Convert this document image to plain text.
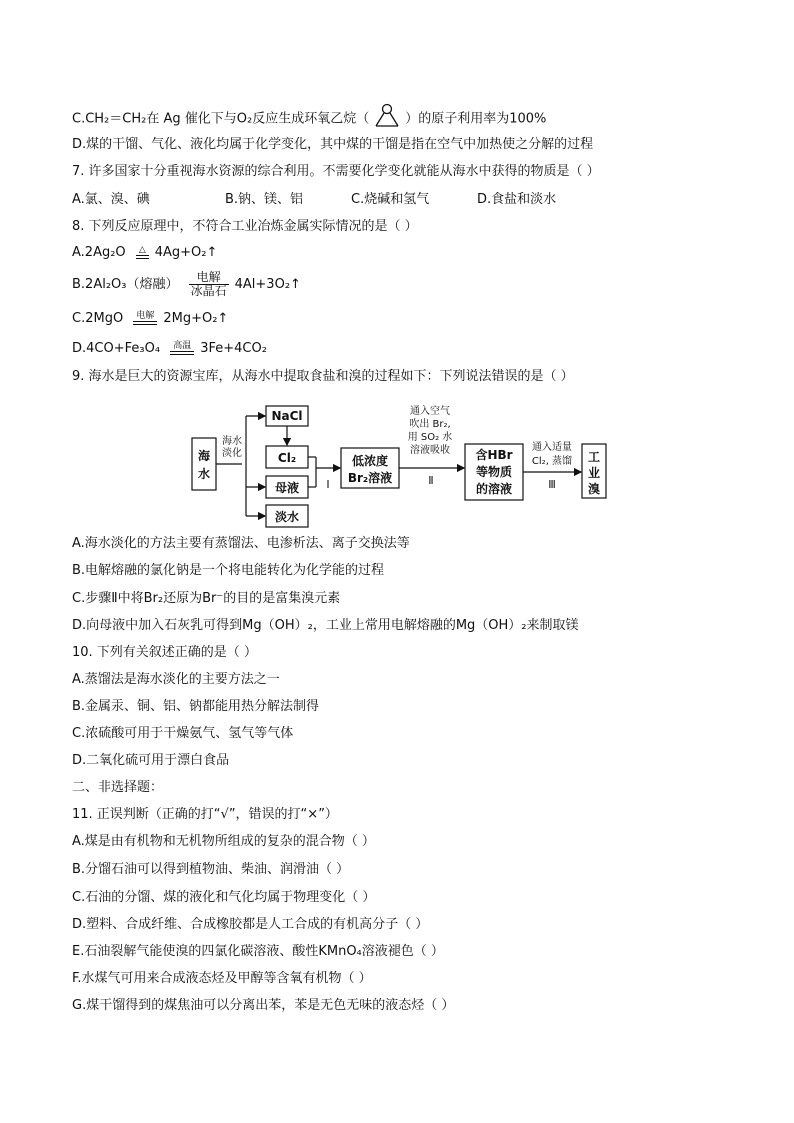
C.CH₂＝CH₂在 Ag 催化下与O₂反应生成环氧乙烷（	）的原子利用率为100%
D.煤的干馏、气化、液化均属于化学变化，其中煤的干馏是指在空气中加热使之分解的过程
7. 许多国家十分重视海水资源的综合利用。不需要化学变化就能从海水中获得的物质是（ ）
A.氯、溴、碘	B.钠、镁、铝	C.烧碱和氢气	D.食盐和淡水
8. 下列反应原理中，不符合工业冶炼金属实际情况的是（ ）
A.2Ag₂O	△ 4Ag+O₂↑
B.2Al₂O₃（熔融） $\frac{\text{电解}}{\text{冰晶石}}$ 4Al+3O₂↑
C.2MgO	电解 2Mg+O₂↑
D.4CO+Fe₃O₄	高温 3Fe+4CO₂
9. 海水是巨大的资源宝库，从海水中提取食盐和溴的过程如下：下列说法错误的是（ ）
海
水
海水
淡化
NaCl
Cl₂
母液
淡水
Ⅰ
低浓度
Br₂溶液
通入空气
吹出 Br₂,
用 SO₂ 水
溶液吸收
Ⅱ
含HBr
等物质
的溶液
通入适量
Cl₂, 蒸馏
Ⅲ
工
业
溴
A.海水淡化的方法主要有蒸馏法、电渗析法、离子交换法等
B.电解熔融的氯化钠是一个将电能转化为化学能的过程
C.步骤Ⅱ中将Br₂还原为Br⁻的目的是富集溴元素
D.向母液中加入石灰乳可得到Mg（OH）₂，工业上常用电解熔融的Mg（OH）₂来制取镁
10. 下列有关叙述正确的是（ ）
A.蒸馏法是海水淡化的主要方法之一
B.金属汞、铜、铝、钠都能用热分解法制得
C.浓硫酸可用于干燥氨气、氢气等气体
D.二氧化硫可用于漂白食品
二、非选择题：
11. 正误判断（正确的打“√”，错误的打“×”）
A.煤是由有机物和无机物所组成的复杂的混合物（ ）
B.分馏石油可以得到植物油、柴油、润滑油（ ）
C.石油的分馏、煤的液化和气化均属于物理变化（ ）
D.塑料、合成纤维、合成橡胶都是人工合成的有机高分子（ ）
E.石油裂解气能使溴的四氯化碳溶液、酸性KMnO₄溶液褪色（ ）
F.水煤气可用来合成液态烃及甲醇等含氧有机物（ ）
G.煤干馏得到的煤焦油可以分离出苯，苯是无色无味的液态烃（ ）
